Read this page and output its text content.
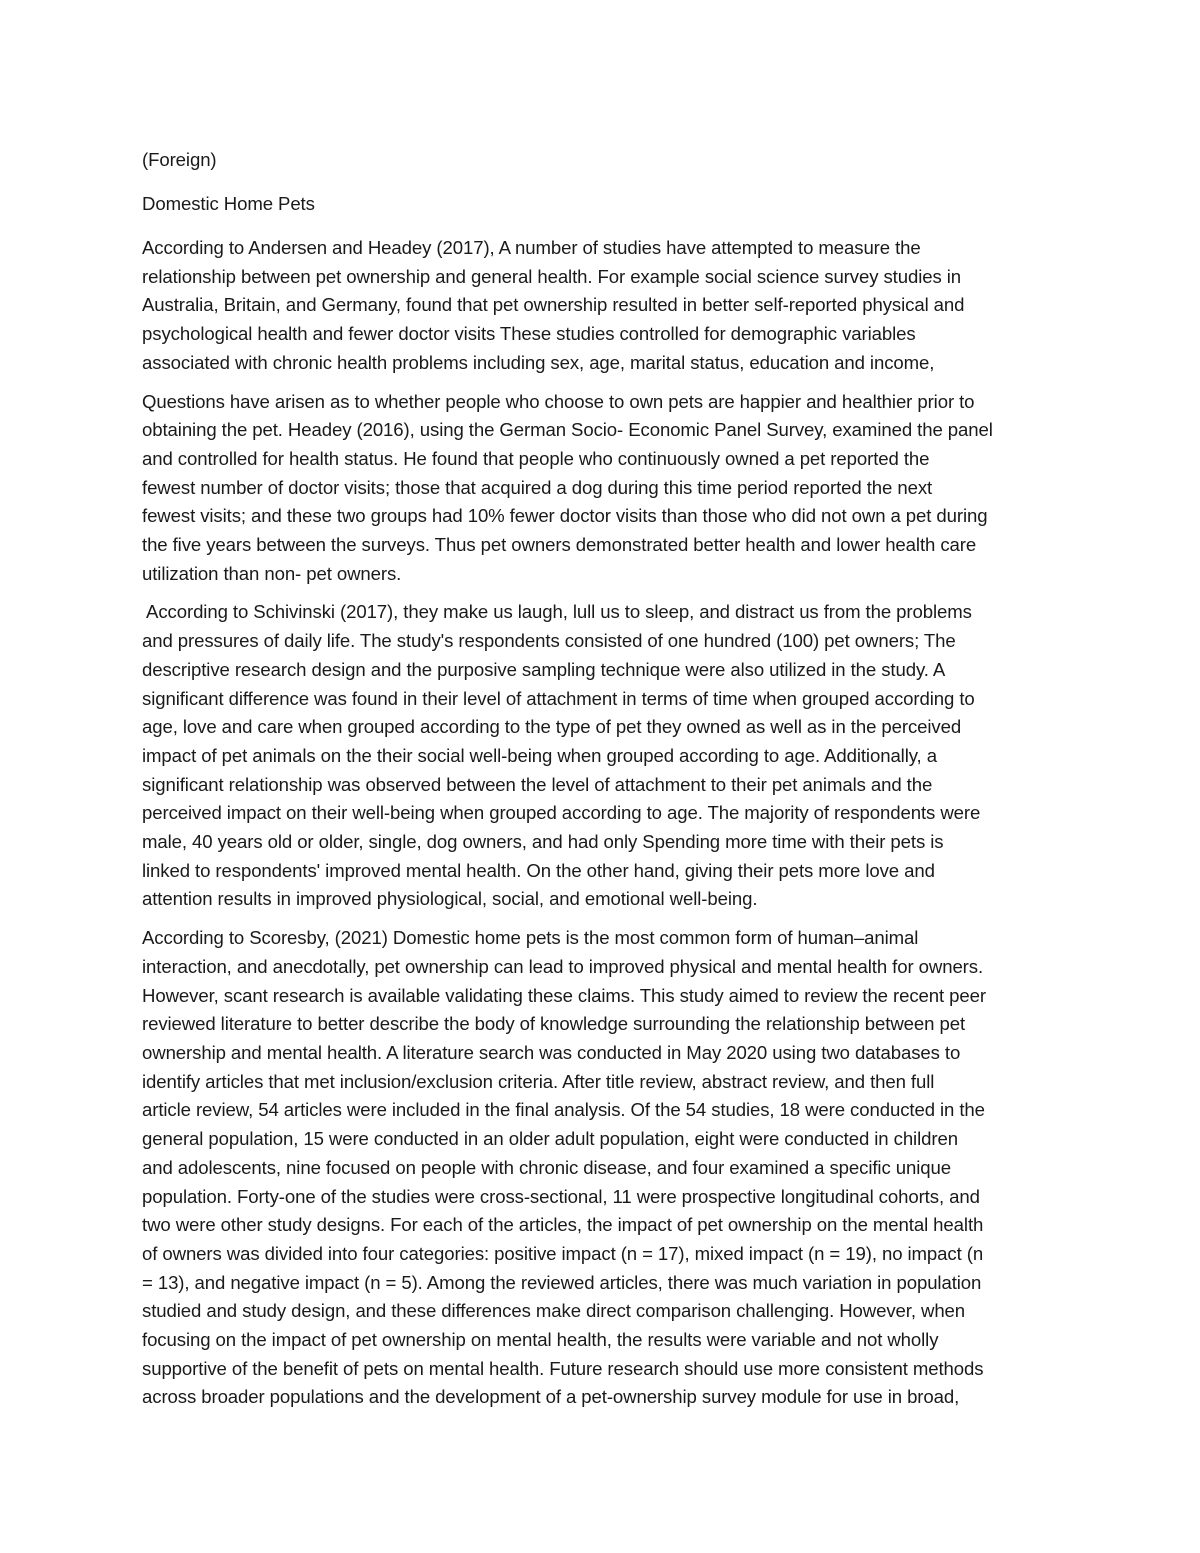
(Foreign)
Domestic Home Pets
According to Andersen and Headey (2017), A number of studies have attempted to measure the
relationship between pet ownership and general health. For example social science survey studies in
Australia, Britain, and Germany, found that pet ownership resulted in better self-reported physical and
psychological health and fewer doctor visits These studies controlled for demographic variables
associated with chronic health problems including sex, age, marital status, education and income,
Questions have arisen as to whether people who choose to own pets are happier and healthier prior to
obtaining the pet. Headey (2016), using the German Socio- Economic Panel Survey, examined the panel
and controlled for health status. He found that people who continuously owned a pet reported the
fewest number of doctor visits; those that acquired a dog during this time period reported the next
fewest visits; and these two groups had 10% fewer doctor visits than those who did not own a pet during
the five years between the surveys. Thus pet owners demonstrated better health and lower health care
utilization than non- pet owners.
According to Schivinski (2017), they make us laugh, lull us to sleep, and distract us from the problems
and pressures of daily life. The study's respondents consisted of one hundred (100) pet owners; The
descriptive research design and the purposive sampling technique were also utilized in the study. A
significant difference was found in their level of attachment in terms of time when grouped according to
age, love and care when grouped according to the type of pet they owned as well as in the perceived
impact of pet animals on the their social well-being when grouped according to age. Additionally, a
significant relationship was observed between the level of attachment to their pet animals and the
perceived impact on their well-being when grouped according to age. The majority of respondents were
male, 40 years old or older, single, dog owners, and had only Spending more time with their pets is
linked to respondents' improved mental health. On the other hand, giving their pets more love and
attention results in improved physiological, social, and emotional well-being.
According to Scoresby, (2021) Domestic home pets is the most common form of human–animal
interaction, and anecdotally, pet ownership can lead to improved physical and mental health for owners.
However, scant research is available validating these claims. This study aimed to review the recent peer
reviewed literature to better describe the body of knowledge surrounding the relationship between pet
ownership and mental health. A literature search was conducted in May 2020 using two databases to
identify articles that met inclusion/exclusion criteria. After title review, abstract review, and then full
article review, 54 articles were included in the final analysis. Of the 54 studies, 18 were conducted in the
general population, 15 were conducted in an older adult population, eight were conducted in children
and adolescents, nine focused on people with chronic disease, and four examined a specific unique
population. Forty-one of the studies were cross-sectional, 11 were prospective longitudinal cohorts, and
two were other study designs. For each of the articles, the impact of pet ownership on the mental health
of owners was divided into four categories: positive impact (n = 17), mixed impact (n = 19), no impact (n
= 13), and negative impact (n = 5). Among the reviewed articles, there was much variation in population
studied and study design, and these differences make direct comparison challenging. However, when
focusing on the impact of pet ownership on mental health, the results were variable and not wholly
supportive of the benefit of pets on mental health. Future research should use more consistent methods
across broader populations and the development of a pet-ownership survey module for use in broad,
